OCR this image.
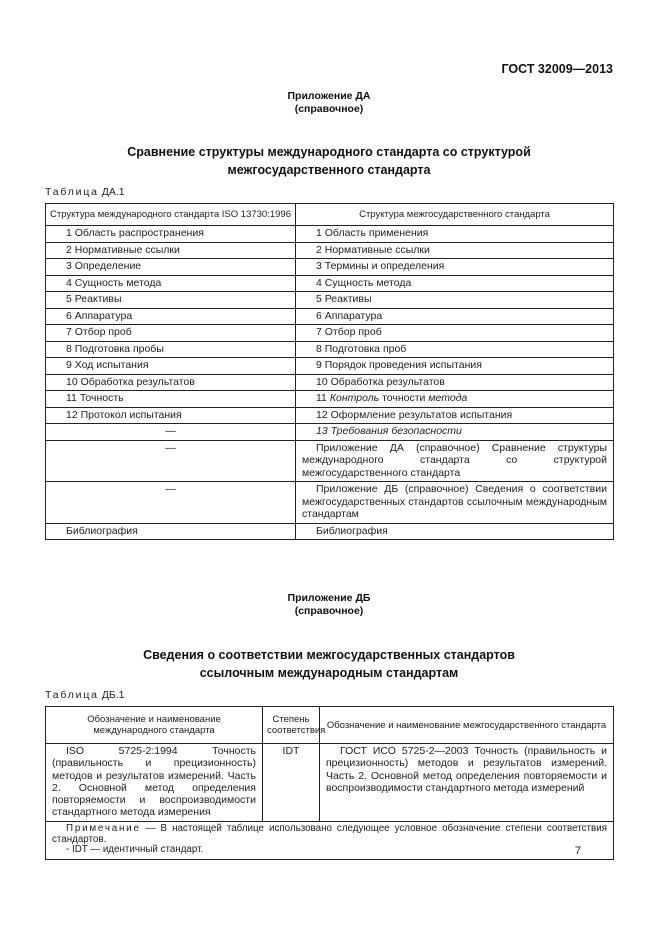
ГОСТ 32009—2013
Приложение ДА
(справочное)
Сравнение структуры международного стандарта со структурой
межгосударственного стандарта
Таблица ДА.1
Структура международного стандарта ISO 13730:1996	Структура межгосударственного стандарта
1 Область распространения	1 Область применения
2 Нормативные ссылки	2 Нормативные ссылки
3 Определение	3 Термины и определения
4 Сущность метода	4 Сущность метода
5 Реактивы	5 Реактивы
6 Аппаратура	6 Аппаратура
7 Отбор проб	7 Отбор проб
8 Подготовка пробы	8 Подготовка проб
9 Ход испытания	9 Порядок проведения испытания
10 Обработка результатов	10 Обработка результатов
11 Точность	11 Контроль точности метода
12 Протокол испытания	12 Оформление результатов испытания
—	13 Требования безопасности
—	Приложение ДА (справочное) Сравнение структуры международного стандарта со структурой межгосударственного стандарта
—	Приложение ДБ (справочное) Сведения о соответствии межгосударственных стандартов ссылочным международным стандартам
Библиография	Библиография
Приложение ДБ
(справочное)
Сведения о соответствии межгосударственных стандартов
ссылочным международным стандартам
Таблица ДБ.1
Обозначение и наименование международного стандарта	Степень соответствия	Обозначение и наименование межгосударственного стандарта
ISO 5725-2:1994 Точность (правильность и прецизионность) методов и результатов измерений. Часть 2. Основной метод определения повторяемости и воспроизводимости стандартного метода измерения	IDT	ГОСТ ИСО 5725-2—2003 Точность (правильность и прецизионность) методов и результатов измерений. Часть 2. Основной метод определения повторяемости и воспроизводимости стандартного метода измерений

Примечание — В настоящей таблице использовано следующее условное обозначение степени соответствия стандартов.

- IDT — идентичный стандарт.			7
